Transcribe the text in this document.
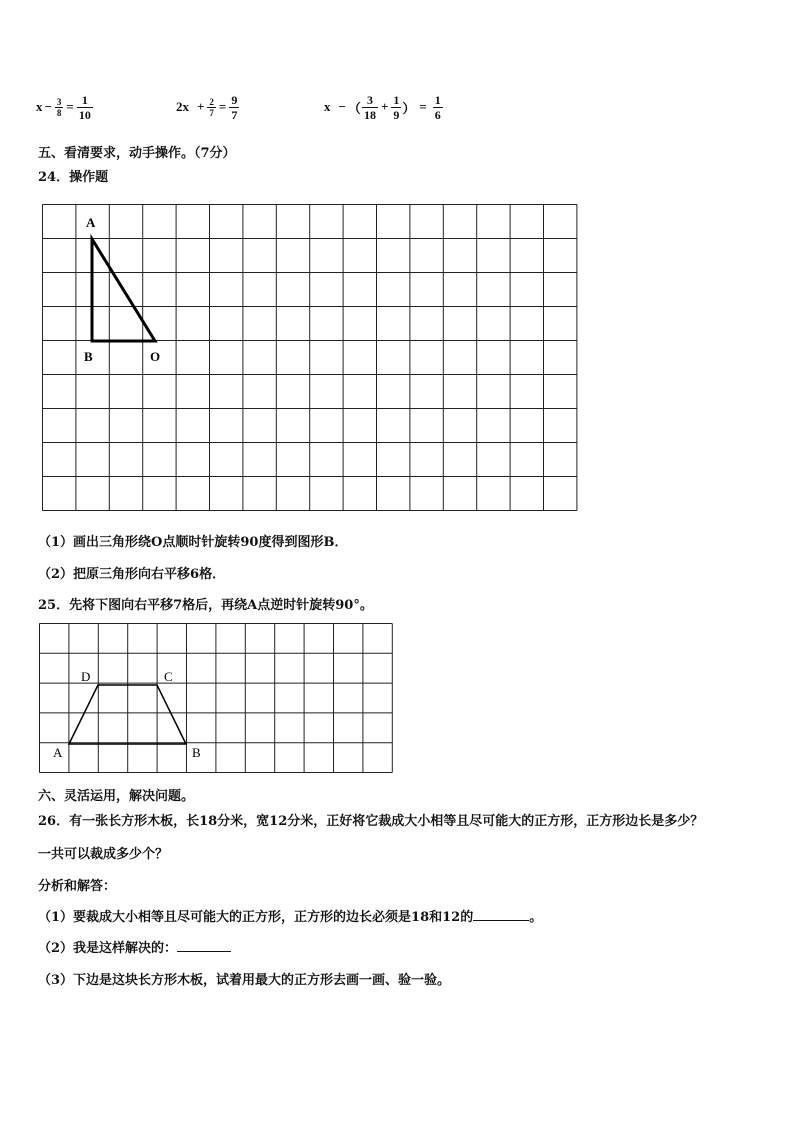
$x - \frac{3}{8} = \frac{1}{10}$	$2x + \frac{2}{7} = \frac{9}{7}$	x − （ $\frac{3}{18} + \frac{1}{9}$ ） = $\frac{1}{6}$
五、看清要求，动手操作。（7分）
24．操作题
A
B	O
（1）画出三角形绕O点顺时针旋转90度得到图形B．
（2）把原三角形向右平移6格．
25．先将下图向右平移7格后，再绕A点逆时针旋转90°。
A	B
C
D
六、灵活运用，解决问题。
26．有一张长方形木板，长18分米，宽12分米，正好将它裁成大小相等且尽可能大的正方形，正方形边长是多少？
一共可以裁成多少个？
分析和解答：
（1）要裁成大小相等且尽可能大的正方形，正方形的边长必须是18和12的	。
（2）我是这样解决的：
（3）下边是这块长方形木板，试着用最大的正方形去画一画、验一验。
